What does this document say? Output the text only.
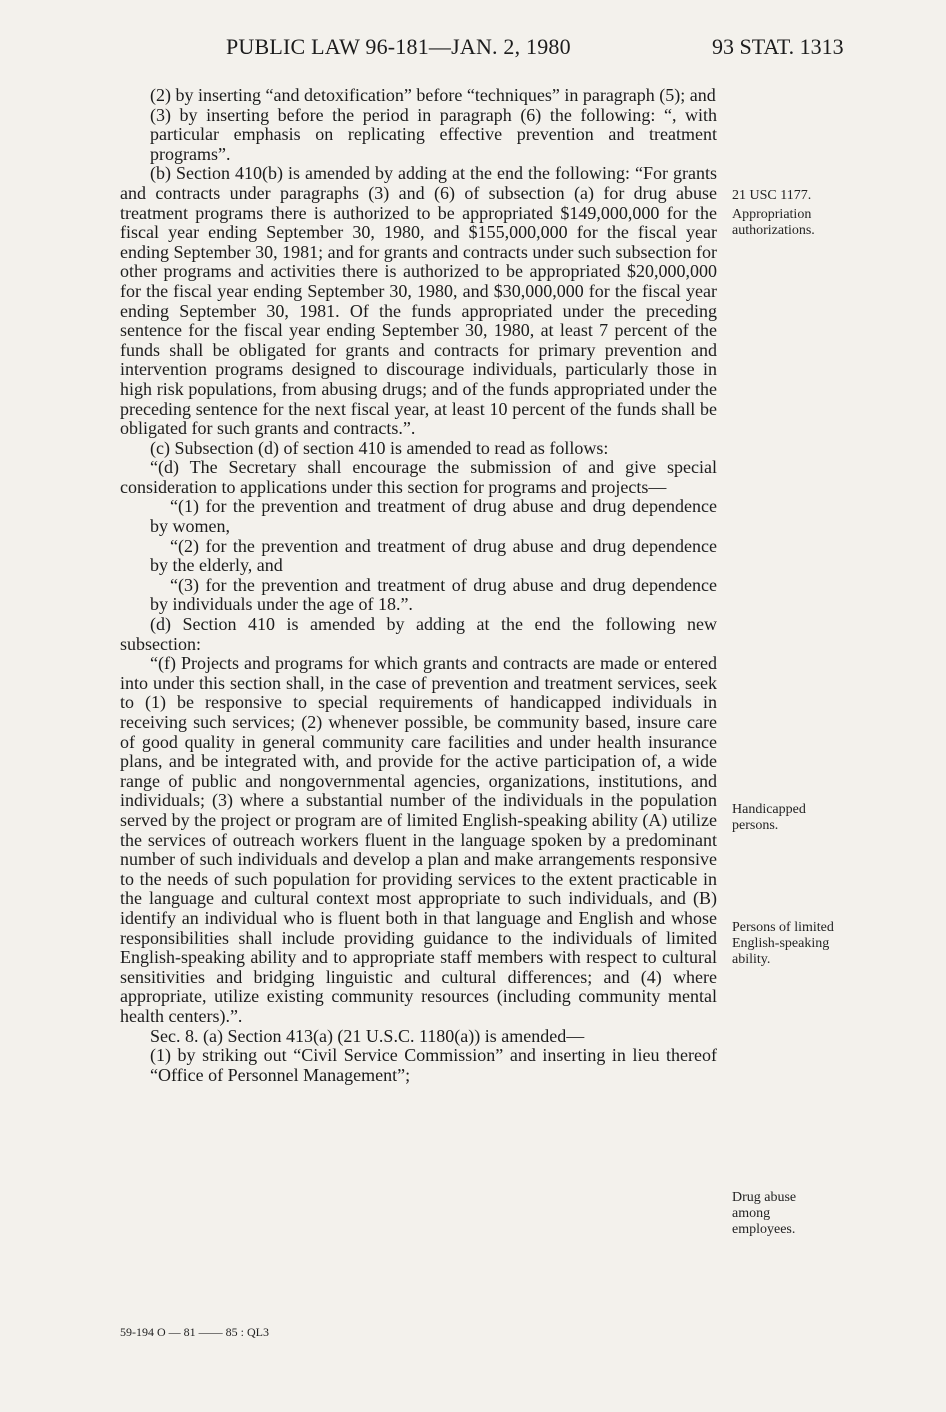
PUBLIC LAW 96-181—JAN. 2, 1980	93 STAT. 1313

(2) by inserting “and detoxification” before “techniques” in paragraph (5); and

(3) by inserting before the period in paragraph (6) the following: “, with particular emphasis on replicating effective prevention and treatment programs”.

(b) Section 410(b) is amended by adding at the end the following: “For grants and contracts under paragraphs (3) and (6) of subsection (a) for drug abuse treatment programs there is authorized to be appropriated $149,000,000 for the fiscal year ending September 30, 1980, and $155,000,000 for the fiscal year ending September 30, 1981; and for grants and contracts under such subsection for other programs and activities there is authorized to be appropriated $20,000,000 for the fiscal year ending September 30, 1980, and $30,000,000 for the fiscal year ending September 30, 1981. Of the funds appropriated under the preceding sentence for the fiscal year ending September 30, 1980, at least 7 percent of the funds shall be obligated for grants and contracts for primary prevention and intervention programs designed to discourage individuals, particularly those in high risk populations, from abusing drugs; and of the funds appropriated under the preceding sentence for the next fiscal year, at least 10 percent of the funds shall be obligated for such grants and contracts.”.

(c) Subsection (d) of section 410 is amended to read as follows:

“(d) The Secretary shall encourage the submission of and give special consideration to applications under this section for programs and projects—

“(1) for the prevention and treatment of drug abuse and drug dependence by women,

“(2) for the prevention and treatment of drug abuse and drug dependence by the elderly, and

“(3) for the prevention and treatment of drug abuse and drug dependence by individuals under the age of 18.”.

(d) Section 410 is amended by adding at the end the following new subsection:

“(f) Projects and programs for which grants and contracts are made or entered into under this section shall, in the case of prevention and treatment services, seek to (1) be responsive to special requirements of handicapped individuals in receiving such services; (2) whenever possible, be community based, insure care of good quality in general community care facilities and under health insurance plans, and be integrated with, and provide for the active participation of, a wide range of public and nongovernmental agencies, organizations, institutions, and individuals; (3) where a substantial number of the individuals in the population served by the project or program are of limited English-speaking ability (A) utilize the services of outreach workers fluent in the language spoken by a predominant number of such individuals and develop a plan and make arrangements responsive to the needs of such population for providing services to the extent practicable in the language and cultural context most appropriate to such individuals, and (B) identify an individual who is fluent both in that language and English and whose responsibilities shall include providing guidance to the individuals of limited English-speaking ability and to appropriate staff members with respect to cultural sensitivities and bridging linguistic and cultural differences; and (4) where appropriate, utilize existing community resources (including community mental health centers).”.

Sec. 8. (a) Section 413(a) (21 U.S.C. 1180(a)) is amended—

(1) by striking out “Civil Service Commission” and inserting in lieu thereof “Office of Personnel Management”;

21 USC 1177.
Appropriation authorizations.
Handicapped persons.
Persons of limited English-speaking ability.
Drug abuse among employees.
59-194 O — 81 —— 85 : QL3
